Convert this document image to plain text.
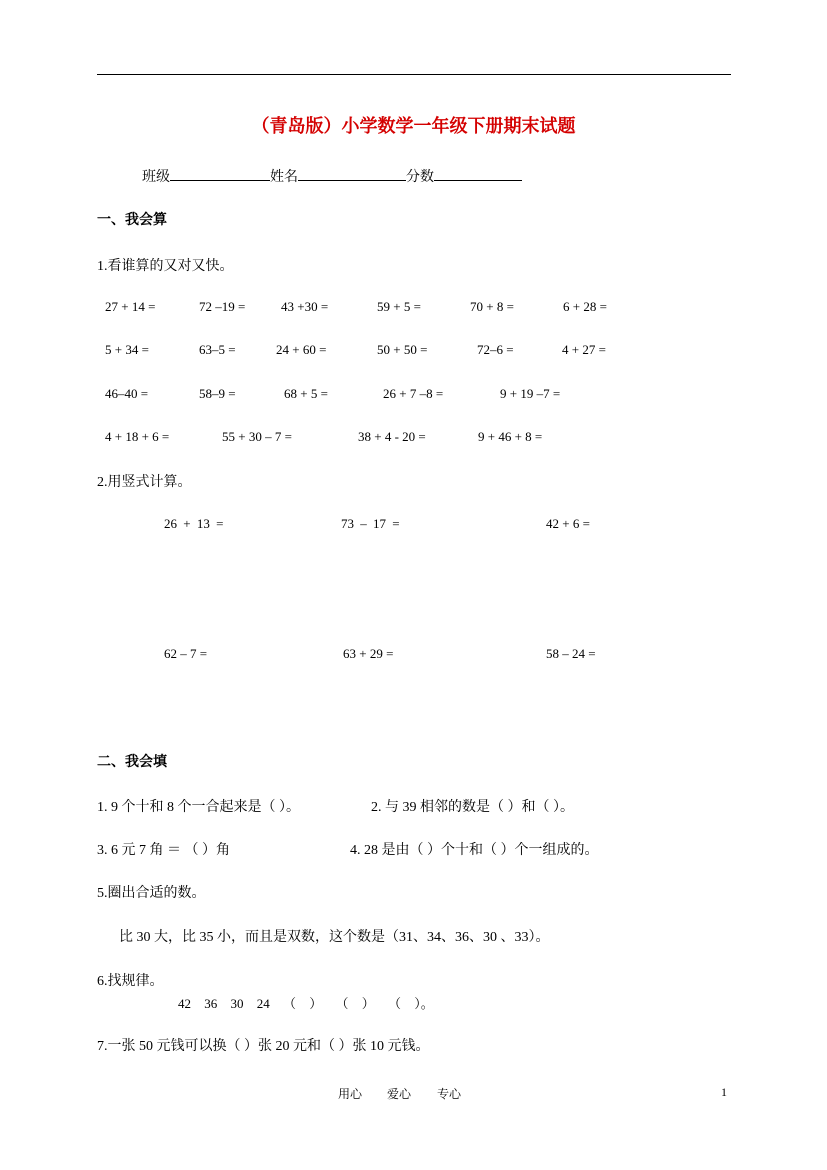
（青岛版）小学数学一年级下册期末试题
班级	姓名	分数
一、我会算
1.看谁算的又对又快。
27 + 14 =	72 –19 =	43 +30 =	59 + 5 =	70 + 8 =	6 + 28 =
5 + 34 =	63–5 =	24 + 60 =	50 + 50 =	72–6 =	4 + 27 =
46–40 =	58–9 =	68 + 5 =	26 + 7 –8 =	9 + 19 –7 =
4 + 18 + 6 =	55 + 30 – 7 =	38 + 4 - 20 =	9 + 46 + 8 =
2.用竖式计算。
26 + 13 =	73 – 17 =	42 + 6 =
62 – 7 =	63 + 29 =	58 – 24 =
二、我会填
1. 9 个十和 8 个一合起来是（ ）。	2. 与 39 相邻的数是（ ）和（ ）。
3. 6 元 7 角 ＝ （ ）角	4. 28 是由（ ）个十和（ ）个一组成的。
5.圈出合适的数。
比 30 大，比 35 小，而且是双数，这个数是（31、34、36、30 、33）。
6.找规律。
42 36 30 24 （ ） （ ） （ ）。
7.一张 50 元钱可以换（ ）张 20 元和（ ）张 10 元钱。
用心 爱心 专心	1
